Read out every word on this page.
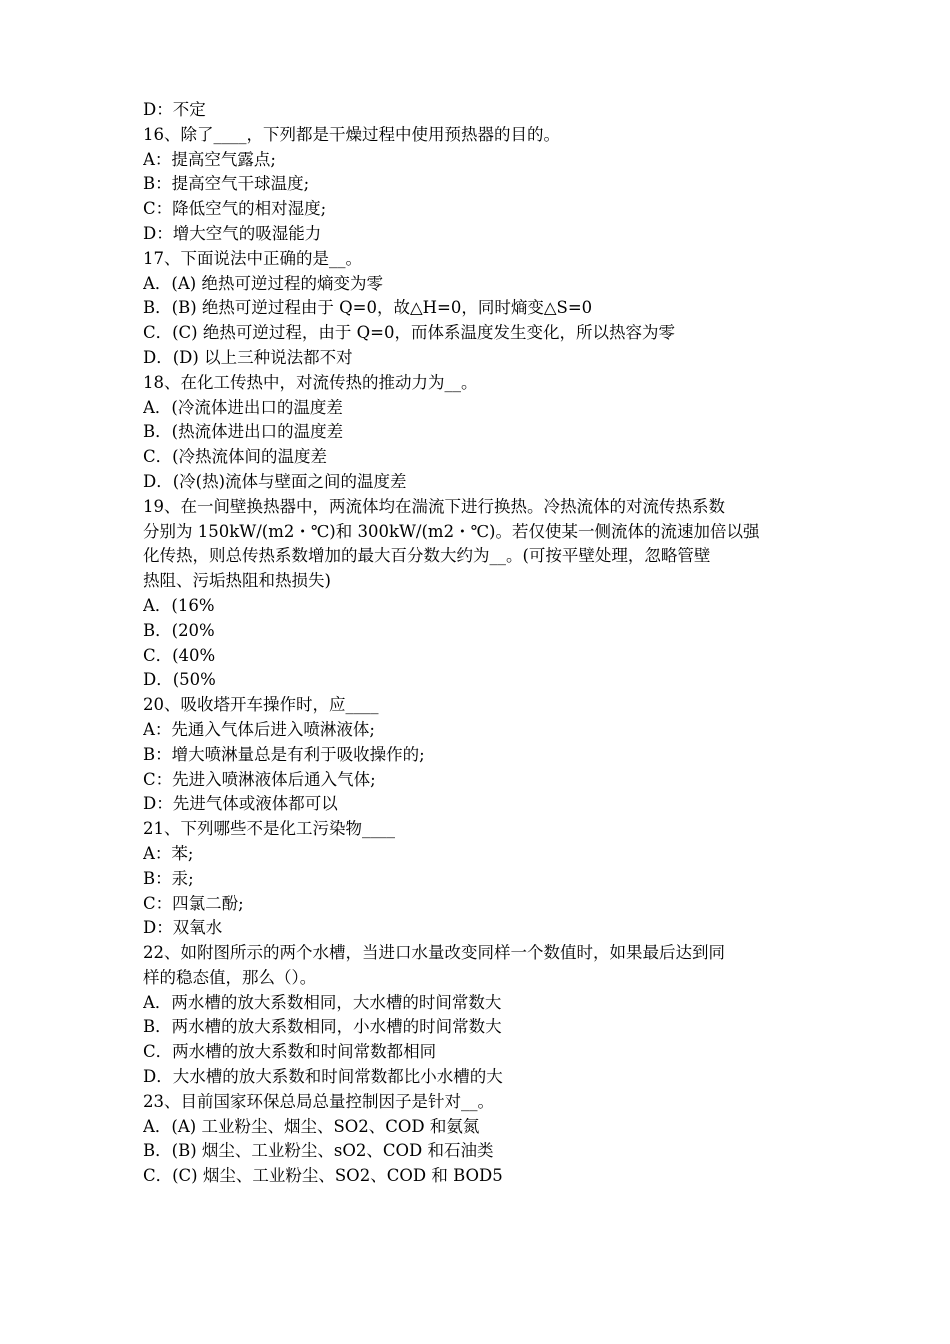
D：不定
16、除了____，下列都是干燥过程中使用预热器的目的。
A：提高空气露点;
B：提高空气干球温度;
C：降低空气的相对湿度;
D：增大空气的吸湿能力
17、下面说法中正确的是__。
A．(A) 绝热可逆过程的熵变为零
B．(B) 绝热可逆过程由于 Q=0，故△H=0，同时熵变△S=0
C．(C) 绝热可逆过程，由于 Q=0，而体系温度发生变化，所以热容为零
D．(D) 以上三种说法都不对
18、在化工传热中，对流传热的推动力为__。
A．(冷流体进出口的温度差
B．(热流体进出口的温度差
C．(冷热流体间的温度差
D．(冷(热)流体与壁面之间的温度差
19、在一间壁换热器中，两流体均在湍流下进行换热。冷热流体的对流传热系数
分别为 150kW/(m2・℃)和 300kW/(m2・℃)。若仅使某一侧流体的流速加倍以强
化传热，则总传热系数增加的最大百分数大约为__。(可按平壁处理，忽略管壁
热阻、污垢热阻和热损失)
A．(16%
B．(20%
C．(40%
D．(50%
20、吸收塔开车操作时，应____
A：先通入气体后进入喷淋液体;
B：增大喷淋量总是有利于吸收操作的;
C：先进入喷淋液体后通入气体;
D：先进气体或液体都可以
21、下列哪些不是化工污染物____
A：苯;
B：汞;
C：四氯二酚;
D：双氧水
22、如附图所示的两个水槽，当进口水量改变同样一个数值时，如果最后达到同
样的稳态值，那么（）。
A．两水槽的放大系数相同，大水槽的时间常数大
B．两水槽的放大系数相同，小水槽的时间常数大
C．两水槽的放大系数和时间常数都相同
D．大水槽的放大系数和时间常数都比小水槽的大
23、目前国家环保总局总量控制因子是针对__。
A．(A) 工业粉尘、烟尘、SO2、COD 和氨氮
B．(B) 烟尘、工业粉尘、sO2、COD 和石油类
C．(C) 烟尘、工业粉尘、SO2、COD 和 BOD5
